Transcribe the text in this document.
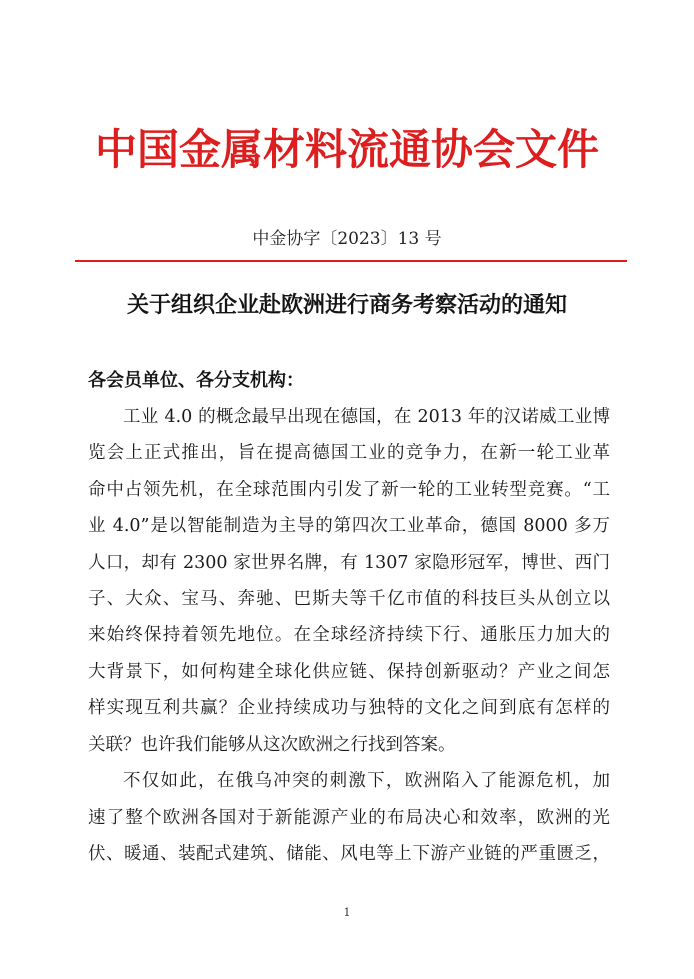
中国金属材料流通协会文件
中金协字〔2023〕13 号
关于组织企业赴欧洲进行商务考察活动的通知
各会员单位、各分支机构：
工业 4.0 的概念最早出现在德国，在 2013 年的汉诺威工业博
览会上正式推出，旨在提高德国工业的竞争力，在新一轮工业革
命中占领先机，在全球范围内引发了新一轮的工业转型竞赛。“工
业 4.0”是以智能制造为主导的第四次工业革命，德国 8000 多万
人口，却有 2300 家世界名牌，有 1307 家隐形冠军，博世、西门
子、大众、宝马、奔驰、巴斯夫等千亿市值的科技巨头从创立以
来始终保持着领先地位。在全球经济持续下行、通胀压力加大的
大背景下，如何构建全球化供应链、保持创新驱动？产业之间怎
样实现互利共赢？企业持续成功与独特的文化之间到底有怎样的
关联？也许我们能够从这次欧洲之行找到答案。
不仅如此，在俄乌冲突的刺激下，欧洲陷入了能源危机，加
速了整个欧洲各国对于新能源产业的布局决心和效率，欧洲的光
伏、暖通、装配式建筑、储能、风电等上下游产业链的严重匮乏，
1
